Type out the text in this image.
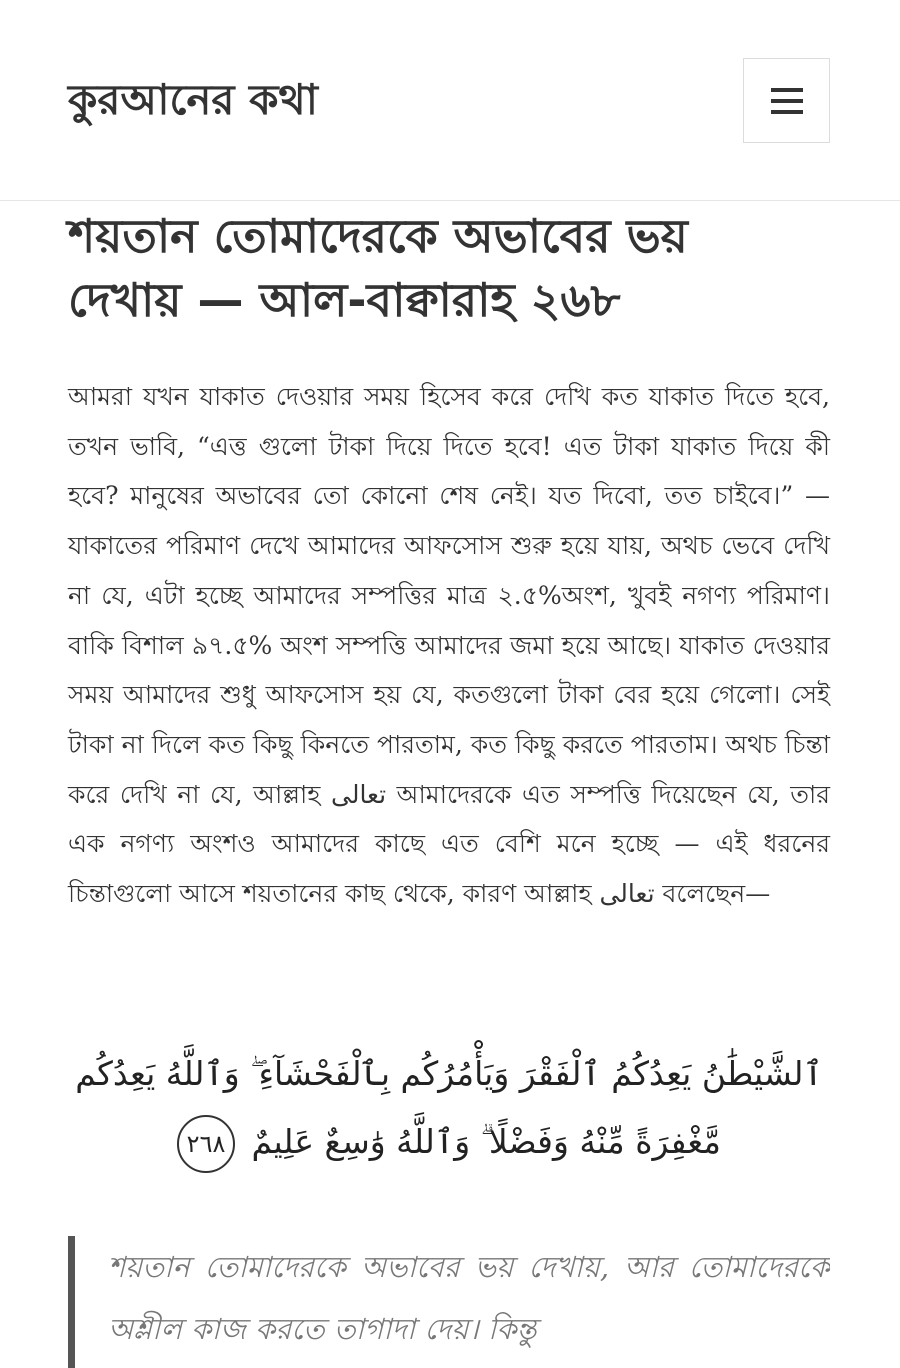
কুরআনের কথা
শয়তান তোমাদেরকে অভাবের ভয় দেখায় — আল-বাক্বারাহ ২৬৮

আমরা যখন যাকাত দেওয়ার সময় হিসেব করে দেখি কত যাকাত দিতে হবে, তখন ভাবি, “এত্ত গুলো টাকা দিয়ে দিতে হবে! এত টাকা যাকাত দিয়ে কী হবে? মানুষের অভাবের তো কোনো শেষ নেই। যত দিবো, তত চাইবে।” — যাকাতের পরিমাণ দেখে আমাদের আফসোস শুরু হয়ে যায়, অথচ ভেবে দেখি না যে, এটা হচ্ছে আমাদের সম্পত্তির মাত্র ২.৫%অংশ, খুবই নগণ্য পরিমাণ। বাকি বিশাল ৯৭.৫% অংশ সম্পত্তি আমাদের জমা হয়ে আছে। যাকাত দেওয়ার সময় আমাদের শুধু আফসোস হয় যে, কতগুলো টাকা বের হয়ে গেলো। সেই টাকা না দিলে কত কিছু কিনতে পারতাম, কত কিছু করতে পারতাম। অথচ চিন্তা করে দেখি না যে, আল্লাহ تعالى আমাদেরকে এত সম্পত্তি দিয়েছেন যে, তার এক নগণ্য অংশও আমাদের কাছে এত বেশি মনে হচ্ছে — এই ধরনের চিন্তাগুলো আসে শয়তানের কাছ থেকে, কারণ আল্লাহ تعالى বলেছেন—

ٱلشَّيْطَٰنُ يَعِدُكُمُ ٱلْفَقْرَ وَيَأْمُرُكُم بِٱلْفَحْشَآءِ ۖ وَٱللَّهُ يَعِدُكُم مَّغْفِرَةً مِّنْهُ وَفَضْلًا ۗ وَٱللَّهُ وَٰسِعٌ عَلِيمٌ ٢٦٨
শয়তান তোমাদেরকে অভাবের ভয় দেখায়, আর তোমাদেরকে অশ্লীল কাজ করতে তাগাদা দেয়। কিন্তু
